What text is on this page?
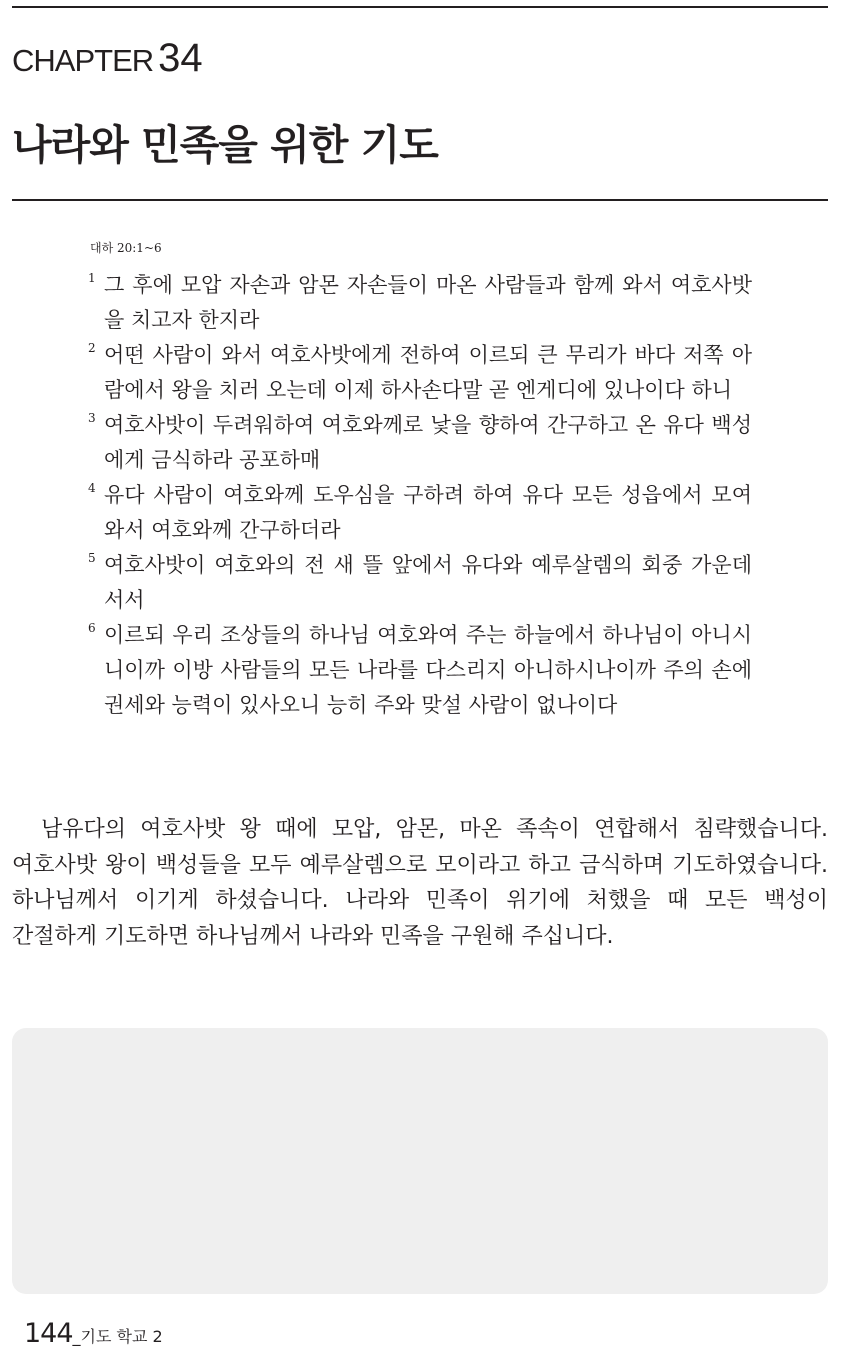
CHAPTER 34
나라와 민족을 위한 기도
대하 20:1~6
1 그 후에 모압 자손과 암몬 자손들이 마온 사람들과 함께 와서 여호사밧을 치고자 한지라
2 어떤 사람이 와서 여호사밧에게 전하여 이르되 큰 무리가 바다 저쪽 아람에서 왕을 치러 오는데 이제 하사손다말 곧 엔게디에 있나이다 하니
3 여호사밧이 두려워하여 여호와께로 낯을 향하여 간구하고 온 유다 백성에게 금식하라 공포하매
4 유다 사람이 여호와께 도우심을 구하려 하여 유다 모든 성읍에서 모여와서 여호와께 간구하더라
5 여호사밧이 여호와의 전 새 뜰 앞에서 유다와 예루살렘의 회중 가운데 서서
6 이르되 우리 조상들의 하나님 여호와여 주는 하늘에서 하나님이 아니시니이까 이방 사람들의 모든 나라를 다스리지 아니하시나이까 주의 손에 권세와 능력이 있사오니 능히 주와 맞설 사람이 없나이다

남유다의 여호사밧 왕 때에 모압, 암몬, 마온 족속이 연합해서 침략했습니다. 여호사밧 왕이 백성들을 모두 예루살렘으로 모이라고 하고 금식하며 기도하였습니다. 하나님께서 이기게 하셨습니다. 나라와 민족이 위기에 처했을 때 모든 백성이 간절하게 기도하면 하나님께서 나라와 민족을 구원해 주십니다.

144_기도 학교 2
